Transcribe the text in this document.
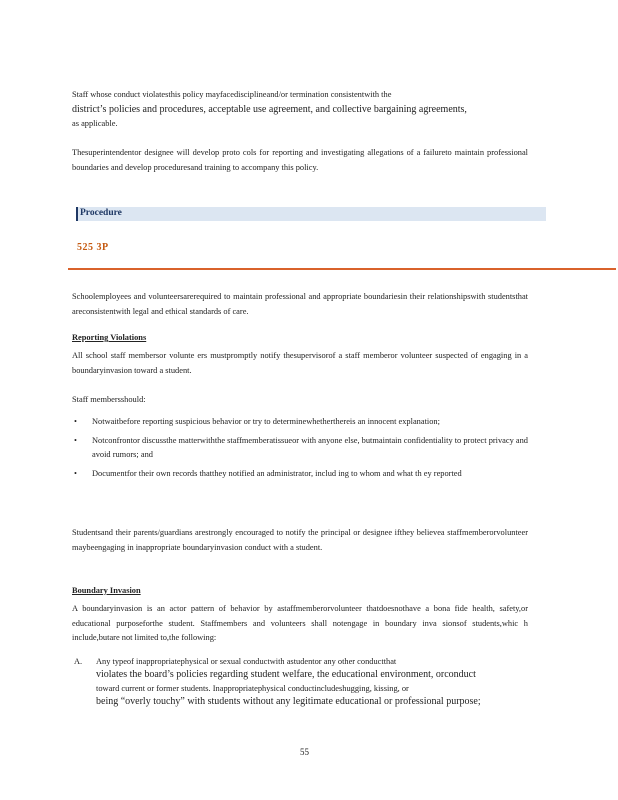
Staff whose conduct violatesthis policy mayfacedisciplineand/or termination consistentwith the
district’s policies and procedures, acceptable use agreement, and collective bargaining agreements,
as applicable.
Thesuperintendentor designee will develop proto cols for reporting and investigating allegations of a failureto maintain professional boundaries and develop proceduresand training to accompany this policy.
Procedure
525 3P
Schoolemployees and volunteersarerequired to maintain professional and appropriate boundariesin their relationshipswith studentsthat areconsistentwith legal and ethical standards of care.
Reporting Violations
All school staff membersor volunte ers mustpromptly notify thesupervisorof a staff memberor volunteer suspected of engaging in a boundaryinvasion toward a student.
Staff membersshould:
• Notwaitbefore reporting suspicious behavior or try to determinewhetherthereis an innocent explanation;
• Notconfrontor discussthe matterwiththe staffmemberatissueor with anyone else, butmaintain confidentiality to protect privacy and avoid rumors; and
• Documentfor their own records thatthey notified an administrator, includ ing to whom and what th ey reported
Studentsand their parents/guardians arestrongly encouraged to notify the principal or designee ifthey believea staffmemberorvolunteer maybeengaging in inappropriate boundaryinvasion conduct with a student.
Boundary Invasion
A boundaryinvasion is an actor pattern of behavior by astaffmemberorvolunteer thatdoesnothave a bona fide health, safety,or educational purposeforthe student. Staffmembers and volunteers shall notengage in boundary inva sionsof students,whic h include,butare not limited to,the following:
A.	Any typeof inappropriatephysical or sexual conductwith astudentor any other conductthat
violates the board’s policies regarding student welfare, the educational environment, orconduct
toward current or former students. Inappropriatephysical conductincludeshugging, kissing, or
being “overly touchy” with students without any legitimate educational or professional purpose;
55
